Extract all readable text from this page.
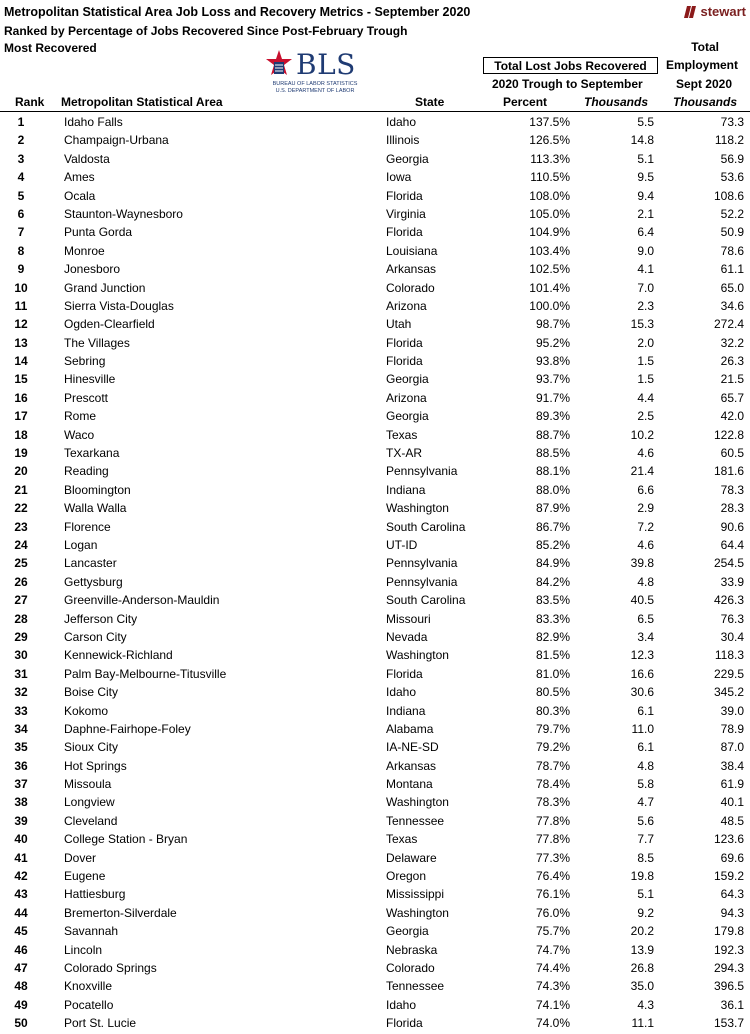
Metropolitan Statistical Area Job Loss and Recovery Metrics - September 2020
Ranked by Percentage of Jobs Recovered Since Post-February Trough
Most Recovered
stewart
BLS
BUREAU OF LABOR STATISTICS
U.S. DEPARTMENT OF LABOR
Total
Total Lost Jobs Recovered	Employment
2020 Trough to September	Sept 2020
Rank Metropolitan Statistical Area	State	Percent	Thousands Thousands
1	Idaho Falls	Idaho	137.5%	5.5	73.3
2	Champaign-Urbana	Illinois	126.5%	14.8	118.2
3	Valdosta	Georgia	113.3%	5.1	56.9
4	Ames	Iowa	110.5%	9.5	53.6
5	Ocala	Florida	108.0%	9.4	108.6
6	Staunton-Waynesboro	Virginia	105.0%	2.1	52.2
7	Punta Gorda	Florida	104.9%	6.4	50.9
8	Monroe	Louisiana	103.4%	9.0	78.6
9	Jonesboro	Arkansas	102.5%	4.1	61.1
10	Grand Junction	Colorado	101.4%	7.0	65.0
11	Sierra Vista-Douglas	Arizona	100.0%	2.3	34.6
12	Ogden-Clearfield	Utah	98.7%	15.3	272.4
13	The Villages	Florida	95.2%	2.0	32.2
14	Sebring	Florida	93.8%	1.5	26.3
15	Hinesville	Georgia	93.7%	1.5	21.5
16	Prescott	Arizona	91.7%	4.4	65.7
17	Rome	Georgia	89.3%	2.5	42.0
18	Waco	Texas	88.7%	10.2	122.8
19	Texarkana	TX-AR	88.5%	4.6	60.5
20	Reading	Pennsylvania	88.1%	21.4	181.6
21	Bloomington	Indiana	88.0%	6.6	78.3
22	Walla Walla	Washington	87.9%	2.9	28.3
23	Florence	South Carolina	86.7%	7.2	90.6
24	Logan	UT-ID	85.2%	4.6	64.4
25	Lancaster	Pennsylvania	84.9%	39.8	254.5
26	Gettysburg	Pennsylvania	84.2%	4.8	33.9
27	Greenville-Anderson-Mauldin	South Carolina	83.5%	40.5	426.3
28	Jefferson City	Missouri	83.3%	6.5	76.3
29	Carson City	Nevada	82.9%	3.4	30.4
30	Kennewick-Richland	Washington	81.5%	12.3	118.3
31	Palm Bay-Melbourne-Titusville	Florida	81.0%	16.6	229.5
32	Boise City	Idaho	80.5%	30.6	345.2
33	Kokomo	Indiana	80.3%	6.1	39.0
34	Daphne-Fairhope-Foley	Alabama	79.7%	11.0	78.9
35	Sioux City	IA-NE-SD	79.2%	6.1	87.0
36	Hot Springs	Arkansas	78.7%	4.8	38.4
37	Missoula	Montana	78.4%	5.8	61.9
38	Longview	Washington	78.3%	4.7	40.1
39	Cleveland	Tennessee	77.8%	5.6	48.5
40	College Station - Bryan	Texas	77.8%	7.7	123.6
41	Dover	Delaware	77.3%	8.5	69.6
42	Eugene	Oregon	76.4%	19.8	159.2
43	Hattiesburg	Mississippi	76.1%	5.1	64.3
44	Bremerton-Silverdale	Washington	76.0%	9.2	94.3
45	Savannah	Georgia	75.7%	20.2	179.8
46	Lincoln	Nebraska	74.7%	13.9	192.3
47	Colorado Springs	Colorado	74.4%	26.8	294.3
48	Knoxville	Tennessee	74.3%	35.0	396.5
49	Pocatello	Idaho	74.1%	4.3	36.1
50	Port St. Lucie	Florida	74.0%	11.1	153.7
